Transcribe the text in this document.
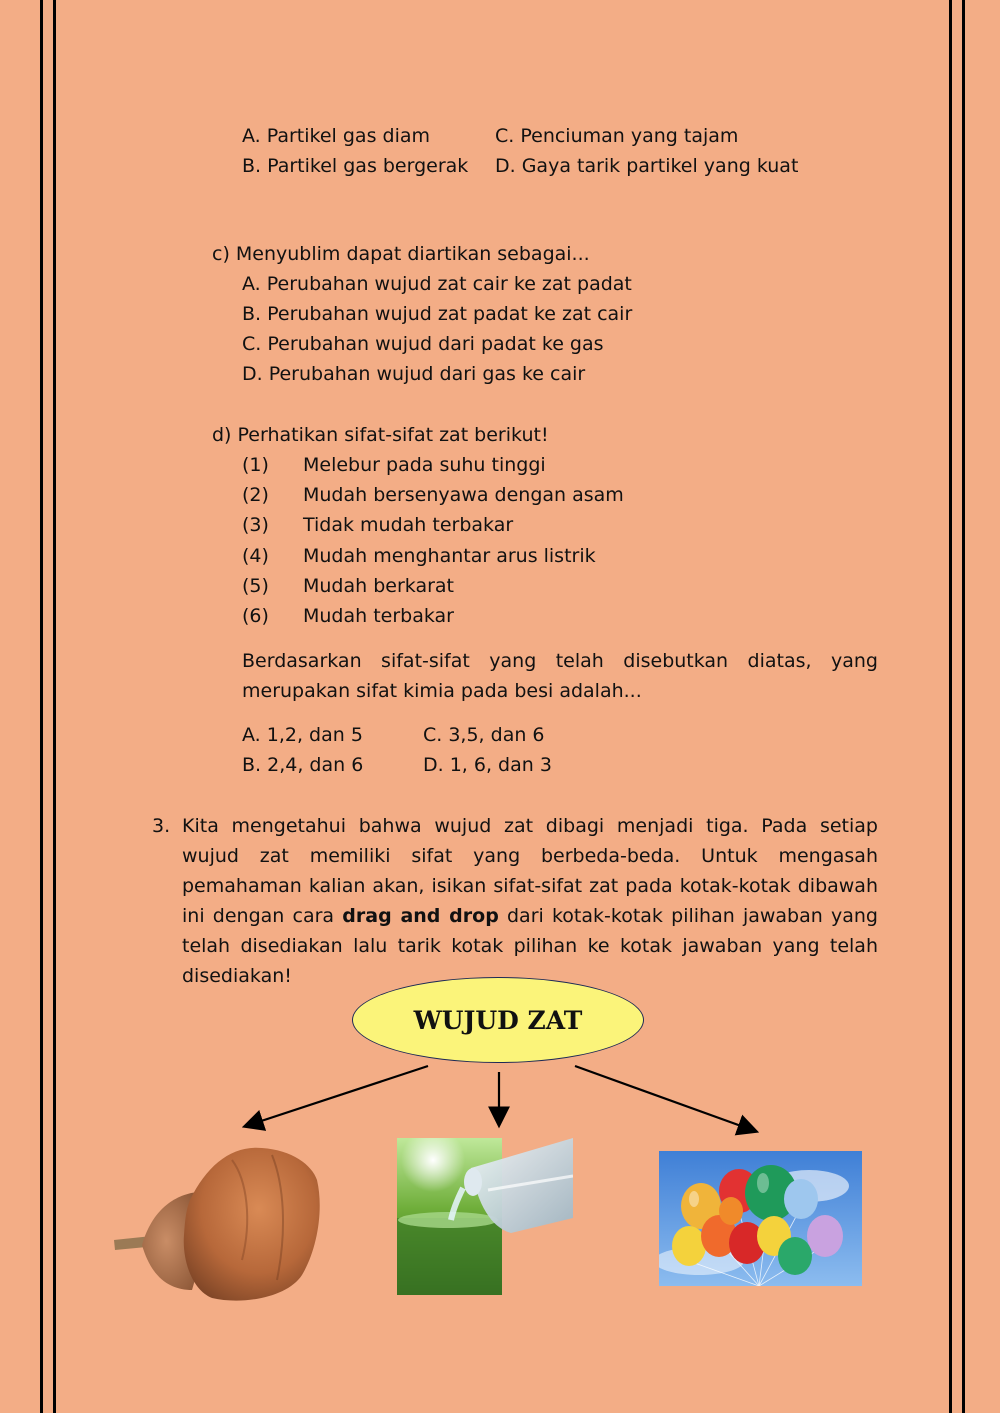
A. Partikel gas diam	C. Penciuman yang tajam
B. Partikel gas bergerak D. Gaya tarik partikel yang kuat
c) Menyublim dapat diartikan sebagai...
A. Perubahan wujud zat cair ke zat padat
B. Perubahan wujud zat padat ke zat cair
C. Perubahan wujud dari padat ke gas
D. Perubahan wujud dari gas ke cair
d) Perhatikan sifat-sifat zat berikut!
(1) Melebur pada suhu tinggi
(2) Mudah bersenyawa dengan asam
(3) Tidak mudah terbakar
(4) Mudah menghantar arus listrik
(5) Mudah berkarat
(6) Mudah terbakar
Berdasarkan sifat-sifat yang telah disebutkan diatas, yang merupakan sifat kimia pada besi adalah...
A. 1,2, dan 5	C. 3,5, dan 6
B. 2,4, dan 6	D. 1, 6, dan 3
3. Kita mengetahui bahwa wujud zat dibagi menjadi tiga. Pada setiap wujud zat memiliki sifat yang berbeda-beda. Untuk mengasah pemahaman kalian akan, isikan sifat-sifat zat pada kotak-kotak dibawah ini dengan cara drag and drop dari kotak-kotak pilihan jawaban yang telah disediakan lalu tarik kotak pilihan ke kotak jawaban yang telah disediakan!
WUJUD ZAT
